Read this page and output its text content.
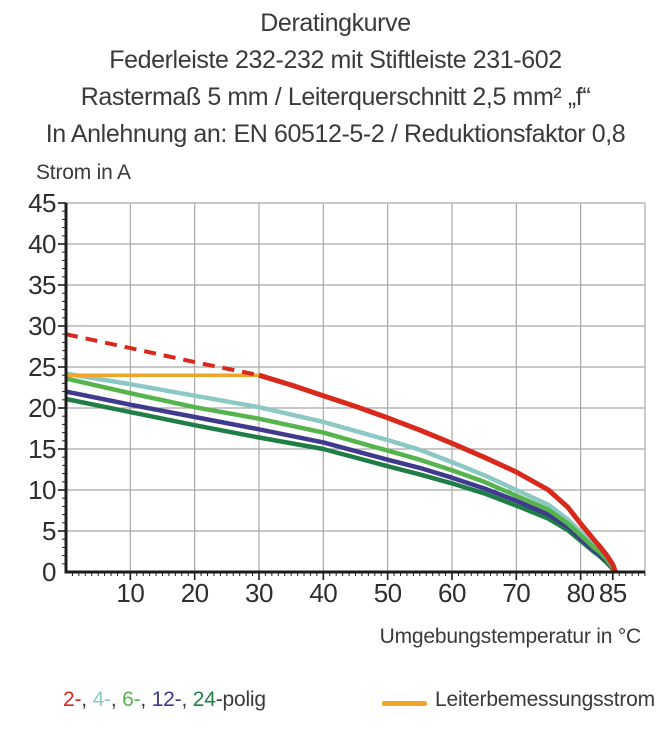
Deratingkurve
Federleiste 232-232 mit Stiftleiste 231-602
Rastermaß 5 mm / Leiterquerschnitt 2,5 mm² „f“
In Anlehnung an: EN 60512-5-2 / Reduktionsfaktor 0,8
Strom in A
0
5
10
15
20
25
30
35
40
45
10 20 30 40 50 60 70 80 85
Umgebungstemperatur in °C
2-, 4-, 6-, 12-, 24-polig	Leiterbemessungsstrom
